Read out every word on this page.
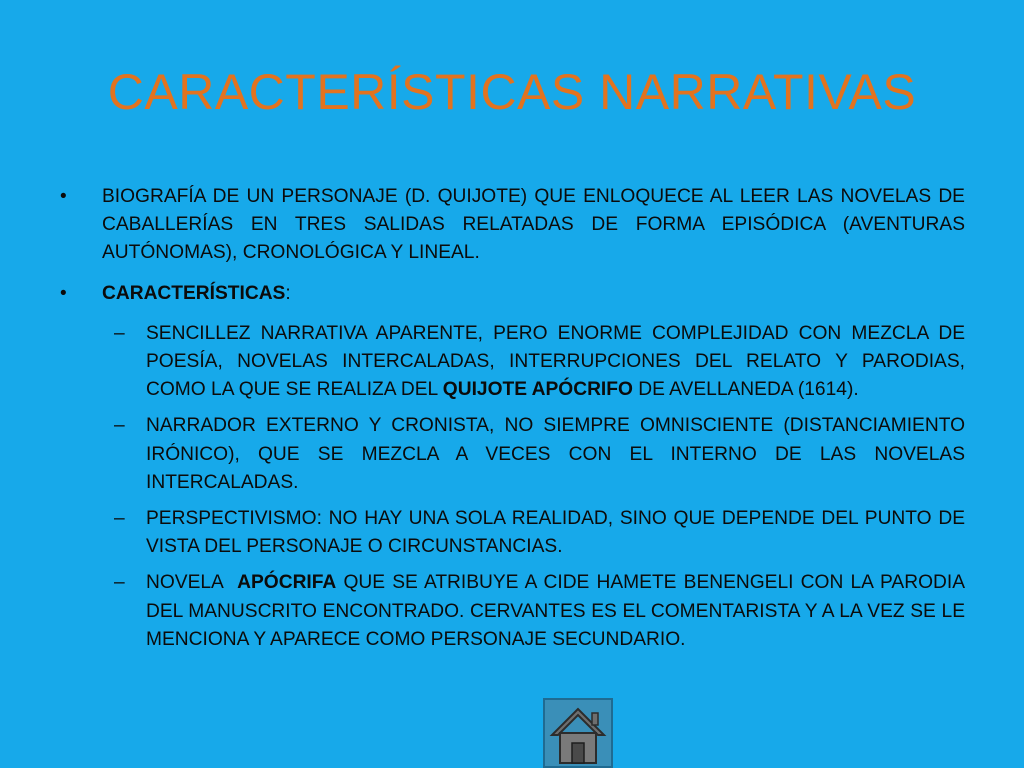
CARACTERÍSTICAS NARRATIVAS
•	BIOGRAFÍA DE UN PERSONAJE (D. QUIJOTE) QUE ENLOQUECE AL LEER LAS NOVELAS DE CABALLERÍAS EN TRES SALIDAS RELATADAS DE FORMA EPISÓDICA (AVENTURAS AUTÓNOMAS), CRONOLÓGICA Y LINEAL.
•	CARACTERÍSTICAS:
–	SENCILLEZ NARRATIVA APARENTE, PERO ENORME COMPLEJIDAD CON MEZCLA DE POESÍA, NOVELAS INTERCALADAS, INTERRUPCIONES DEL RELATO Y PARODIAS, COMO LA QUE SE REALIZA DEL QUIJOTE APÓCRIFO DE AVELLANEDA (1614).
–	NARRADOR EXTERNO Y CRONISTA, NO SIEMPRE OMNISCIENTE (DISTANCIAMIENTO IRÓNICO), QUE SE MEZCLA A VECES CON EL INTERNO DE LAS NOVELAS INTERCALADAS.
–	PERSPECTIVISMO: NO HAY UNA SOLA REALIDAD, SINO QUE DEPENDE DEL PUNTO DE VISTA DEL PERSONAJE O CIRCUNSTANCIAS.
–	NOVELA  APÓCRIFA QUE SE ATRIBUYE A CIDE HAMETE BENENGELI CON LA PARODIA DEL MANUSCRITO ENCONTRADO. CERVANTES ES EL COMENTARISTA Y A LA VEZ SE LE MENCIONA Y APARECE COMO PERSONAJE SECUNDARIO.
